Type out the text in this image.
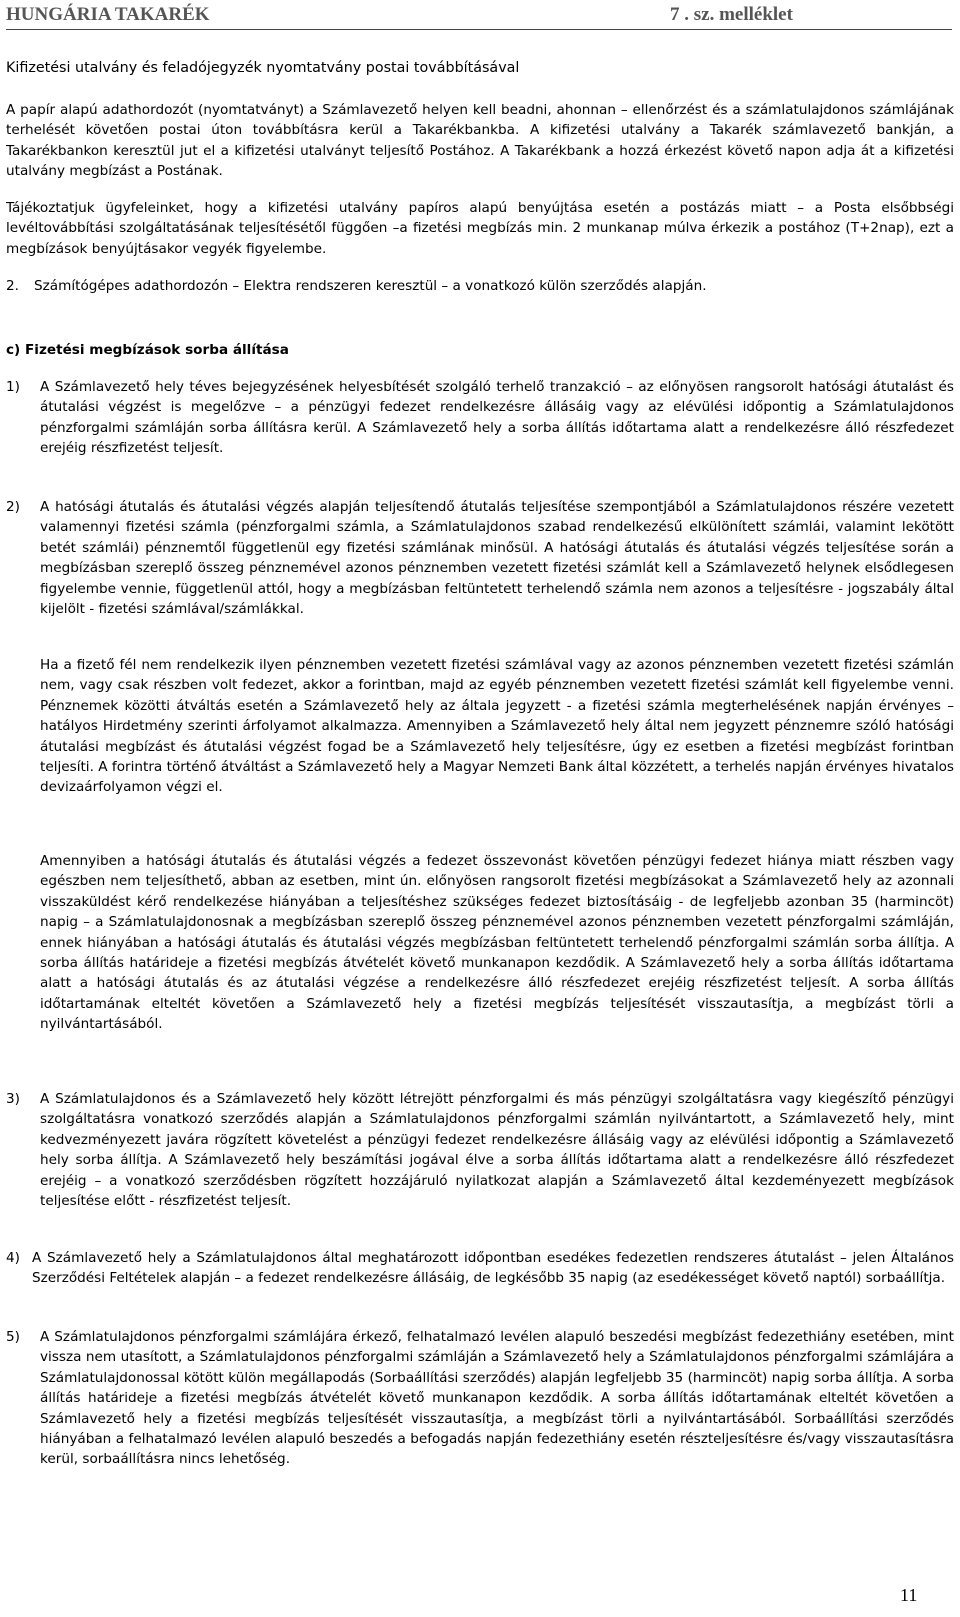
HUNGÁRIA TAKARÉK	7 . sz. melléklet
Kifizetési utalvány és feladójegyzék nyomtatvány postai továbbításával
A papír alapú adathordozót (nyomtatványt) a Számlavezető helyen kell beadni, ahonnan – ellenőrzést és a számlatulajdonos számlájának terhelését követően postai úton továbbításra kerül a Takarékbankba. A kifizetési utalvány a Takarék számlavezető bankján, a Takarékbankon keresztül jut el a kifizetési utalványt teljesítő Postához. A Takarékbank a hozzá érkezést követő napon adja át a kifizetési utalvány megbízást a Postának.
Tájékoztatjuk ügyfeleinket, hogy a kifizetési utalvány papíros alapú benyújtása esetén a postázás miatt – a Posta elsőbbségi levéltovábbítási szolgáltatásának teljesítésétől függően –a fizetési megbízás min. 2 munkanap múlva érkezik a postához (T+2nap), ezt a megbízások benyújtásakor vegyék figyelembe.
2. Számítógépes adathordozón – Elektra rendszeren keresztül – a vonatkozó külön szerződés alapján.
c) Fizetési megbízások sorba állítása
1) A Számlavezető hely téves bejegyzésének helyesbítését szolgáló terhelő tranzakció – az előnyösen rangsorolt hatósági átutalást és átutalási végzést is megelőzve – a pénzügyi fedezet rendelkezésre állásáig vagy az elévülési időpontig a Számlatulajdonos pénzforgalmi számláján sorba állításra kerül. A Számlavezető hely a sorba állítás időtartama alatt a rendelkezésre álló részfedezet erejéig részfizetést teljesít.
2) A hatósági átutalás és átutalási végzés alapján teljesítendő átutalás teljesítése szempontjából a Számlatulajdonos részére vezetett valamennyi fizetési számla (pénzforgalmi számla, a Számlatulajdonos szabad rendelkezésű elkülönített számlái, valamint lekötött betét számlái) pénznemtől függetlenül egy fizetési számlának minősül. A hatósági átutalás és átutalási végzés teljesítése során a megbízásban szereplő összeg pénznemével azonos pénznemben vezetett fizetési számlát kell a Számlavezető helynek elsődlegesen figyelembe vennie, függetlenül attól, hogy a megbízásban feltüntetett terhelendő számla nem azonos a teljesítésre - jogszabály által kijelölt - fizetési számlával/számlákkal.
Ha a fizető fél nem rendelkezik ilyen pénznemben vezetett fizetési számlával vagy az azonos pénznemben vezetett fizetési számlán nem, vagy csak részben volt fedezet, akkor a forintban, majd az egyéb pénznemben vezetett fizetési számlát kell figyelembe venni. Pénznemek közötti átváltás esetén a Számlavezető hely az általa jegyzett - a fizetési számla megterhelésének napján érvényes – hatályos Hirdetmény szerinti árfolyamot alkalmazza. Amennyiben a Számlavezető hely által nem jegyzett pénznemre szóló hatósági átutalási megbízást és átutalási végzést fogad be a Számlavezető hely teljesítésre, úgy ez esetben a fizetési megbízást forintban teljesíti. A forintra történő átváltást a Számlavezető hely a Magyar Nemzeti Bank által közzétett, a terhelés napján érvényes hivatalos devizaárfolyamon végzi el.
Amennyiben a hatósági átutalás és átutalási végzés a fedezet összevonást követően pénzügyi fedezet hiánya miatt részben vagy egészben nem teljesíthető, abban az esetben, mint ún. előnyösen rangsorolt fizetési megbízásokat a Számlavezető hely az azonnali visszaküldést kérő rendelkezése hiányában a teljesítéshez szükséges fedezet biztosításáig - de legfeljebb azonban 35 (harmincöt) napig – a Számlatulajdonosnak a megbízásban szereplő összeg pénznemével azonos pénznemben vezetett pénzforgalmi számláján, ennek hiányában a hatósági átutalás és átutalási végzés megbízásban feltüntetett terhelendő pénzforgalmi számlán sorba állítja. A sorba állítás határideje a fizetési megbízás átvételét követő munkanapon kezdődik. A Számlavezető hely a sorba állítás időtartama alatt a hatósági átutalás és az átutalási végzése a rendelkezésre álló részfedezet erejéig részfizetést teljesít. A sorba állítás időtartamának elteltét követően a Számlavezető hely a fizetési megbízás teljesítését visszautasítja, a megbízást törli a nyilvántartásából.
3) A Számlatulajdonos és a Számlavezető hely között létrejött pénzforgalmi és más pénzügyi szolgáltatásra vagy kiegészítő pénzügyi szolgáltatásra vonatkozó szerződés alapján a Számlatulajdonos pénzforgalmi számlán nyilvántartott, a Számlavezető hely, mint kedvezményezett javára rögzített követelést a pénzügyi fedezet rendelkezésre állásáig vagy az elévülési időpontig a Számlavezető hely sorba állítja. A Számlavezető hely beszámítási jogával élve a sorba állítás időtartama alatt a rendelkezésre álló részfedezet erejéig – a vonatkozó szerződésben rögzített hozzájáruló nyilatkozat alapján a Számlavezető által kezdeményezett megbízások teljesítése előtt - részfizetést teljesít.
4) A Számlavezető hely a Számlatulajdonos által meghatározott időpontban esedékes fedezetlen rendszeres átutalást – jelen Általános Szerződési Feltételek alapján – a fedezet rendelkezésre állásáig, de legkésőbb 35 napig (az esedékességet követő naptól) sorbaállítja.
5) A Számlatulajdonos pénzforgalmi számlájára érkező, felhatalmazó levélen alapuló beszedési megbízást fedezethiány esetében, mint vissza nem utasított, a Számlatulajdonos pénzforgalmi számláján a Számlavezető hely a Számlatulajdonos pénzforgalmi számlájára a Számlatulajdonossal kötött külön megállapodás (Sorbaállítási szerződés) alapján legfeljebb 35 (harmincöt) napig sorba állítja. A sorba állítás határideje a fizetési megbízás átvételét követő munkanapon kezdődik. A sorba állítás időtartamának elteltét követően a Számlavezető hely a fizetési megbízás teljesítését visszautasítja, a megbízást törli a nyilvántartásából. Sorbaállítási szerződés hiányában a felhatalmazó levélen alapuló beszedés a befogadás napján fedezethiány esetén részteljesítésre és/vagy visszautasításra kerül, sorbaállításra nincs lehetőség.
11
